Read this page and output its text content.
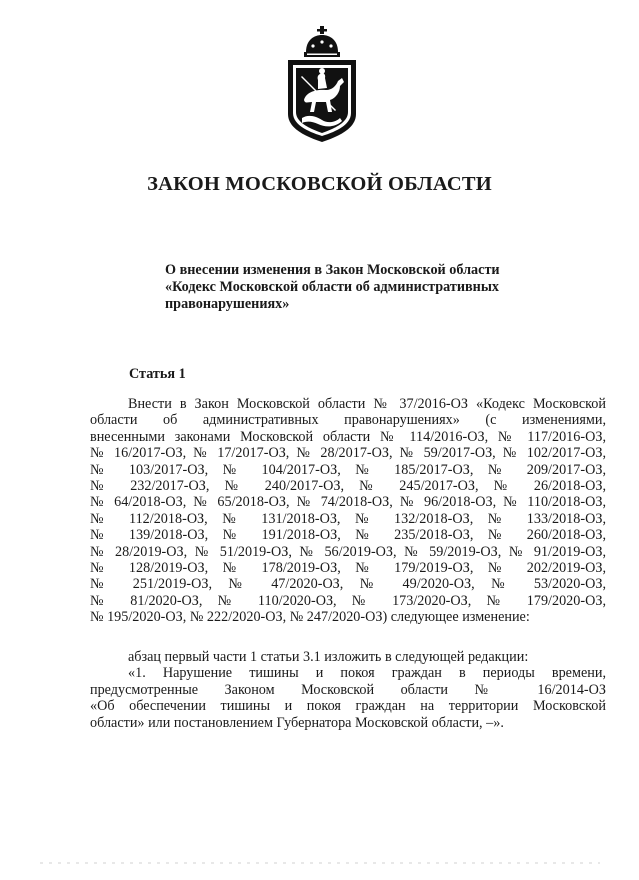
ЗАКОН МОСКОВСКОЙ ОБЛАСТИ
О внесении изменения в Закон Московской области
«Кодекс Московской области об административных
правонарушениях»
Статья 1
Внести в Закон Московской области № 37/2016-ОЗ «Кодекс Московской
области об административных правонарушениях» (с изменениями,
внесенными законами Московской области № 114/2016-ОЗ, № 117/2016-ОЗ,
№ 16/2017-ОЗ, № 17/2017-ОЗ, № 28/2017-ОЗ, № 59/2017-ОЗ, № 102/2017-ОЗ,
№ 103/2017-ОЗ, № 104/2017-ОЗ, № 185/2017-ОЗ, № 209/2017-ОЗ,
№ 232/2017-ОЗ, № 240/2017-ОЗ, № 245/2017-ОЗ, № 26/2018-ОЗ,
№ 64/2018-ОЗ, № 65/2018-ОЗ, № 74/2018-ОЗ, № 96/2018-ОЗ, № 110/2018-ОЗ,
№ 112/2018-ОЗ, № 131/2018-ОЗ, № 132/2018-ОЗ, № 133/2018-ОЗ,
№ 139/2018-ОЗ, № 191/2018-ОЗ, № 235/2018-ОЗ, № 260/2018-ОЗ,
№ 28/2019-ОЗ, № 51/2019-ОЗ, № 56/2019-ОЗ, № 59/2019-ОЗ, № 91/2019-ОЗ,
№ 128/2019-ОЗ, № 178/2019-ОЗ, № 179/2019-ОЗ, № 202/2019-ОЗ,
№ 251/2019-ОЗ, № 47/2020-ОЗ, № 49/2020-ОЗ, № 53/2020-ОЗ,
№ 81/2020-ОЗ, № 110/2020-ОЗ, № 173/2020-ОЗ, № 179/2020-ОЗ,
№ 195/2020-ОЗ, № 222/2020-ОЗ, № 247/2020-ОЗ) следующее изменение:
абзац первый части 1 статьи 3.1 изложить в следующей редакции:
«1. Нарушение тишины и покоя граждан в периоды времени,
предусмотренные Законом Московской области № 16/2014-ОЗ
«Об обеспечении тишины и покоя граждан на территории Московской
области» или постановлением Губернатора Московской области, –».
